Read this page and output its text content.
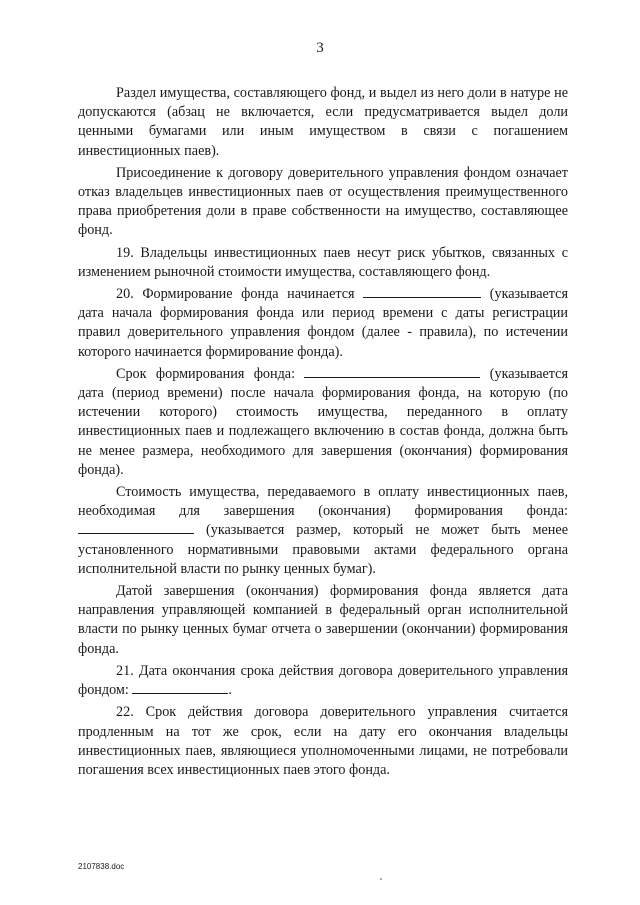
3

Раздел имущества, составляющего фонд, и выдел из него доли в натуре не допускаются (абзац не включается, если предусматривается выдел доли ценными бумагами или иным имуществом в связи с погашением инвестиционных паев).

Присоединение к договору доверительного управления фондом означает отказ владельцев инвестиционных паев от осуществления преимущественного права приобретения доли в праве собственности на имущество, составляющее фонд.

19. Владельцы инвестиционных паев несут риск убытков, связанных с изменением рыночной стоимости имущества, составляющего фонд.

20. Формирование фонда начинается	(указывается дата начала формирования фонда или период времени с даты регистрации правил доверительного управления фондом (далее - правила), по истечении которого начинается формирование фонда).

Срок формирования фонда:	(указывается дата (период времени) после начала формирования фонда, на которую (по истечении которого) стоимость имущества, переданного в оплату инвестиционных паев и подлежащего включению в состав фонда, должна быть не менее размера, необходимого для завершения (окончания) формирования фонда).

Стоимость имущества, передаваемого в оплату инвестиционных паев, необходимая для завершения (окончания) формирования фонда:  (указывается размер, который не может быть менее установленного нормативными правовыми актами федерального органа исполнительной власти по рынку ценных бумаг).

Датой завершения (окончания) формирования фонда является дата направления управляющей компанией в федеральный орган исполнительной власти по рынку ценных бумаг отчета о завершении (окончании) формирования фонда.

21. Дата окончания срока действия договора доверительного управления фондом:	.

22. Срок действия договора доверительного управления считается продленным на тот же срок, если на дату его окончания владельцы инвестиционных паев, являющиеся уполномоченными лицами, не потребовали погашения всех инвестиционных паев этого фонда.

2107838.doc
